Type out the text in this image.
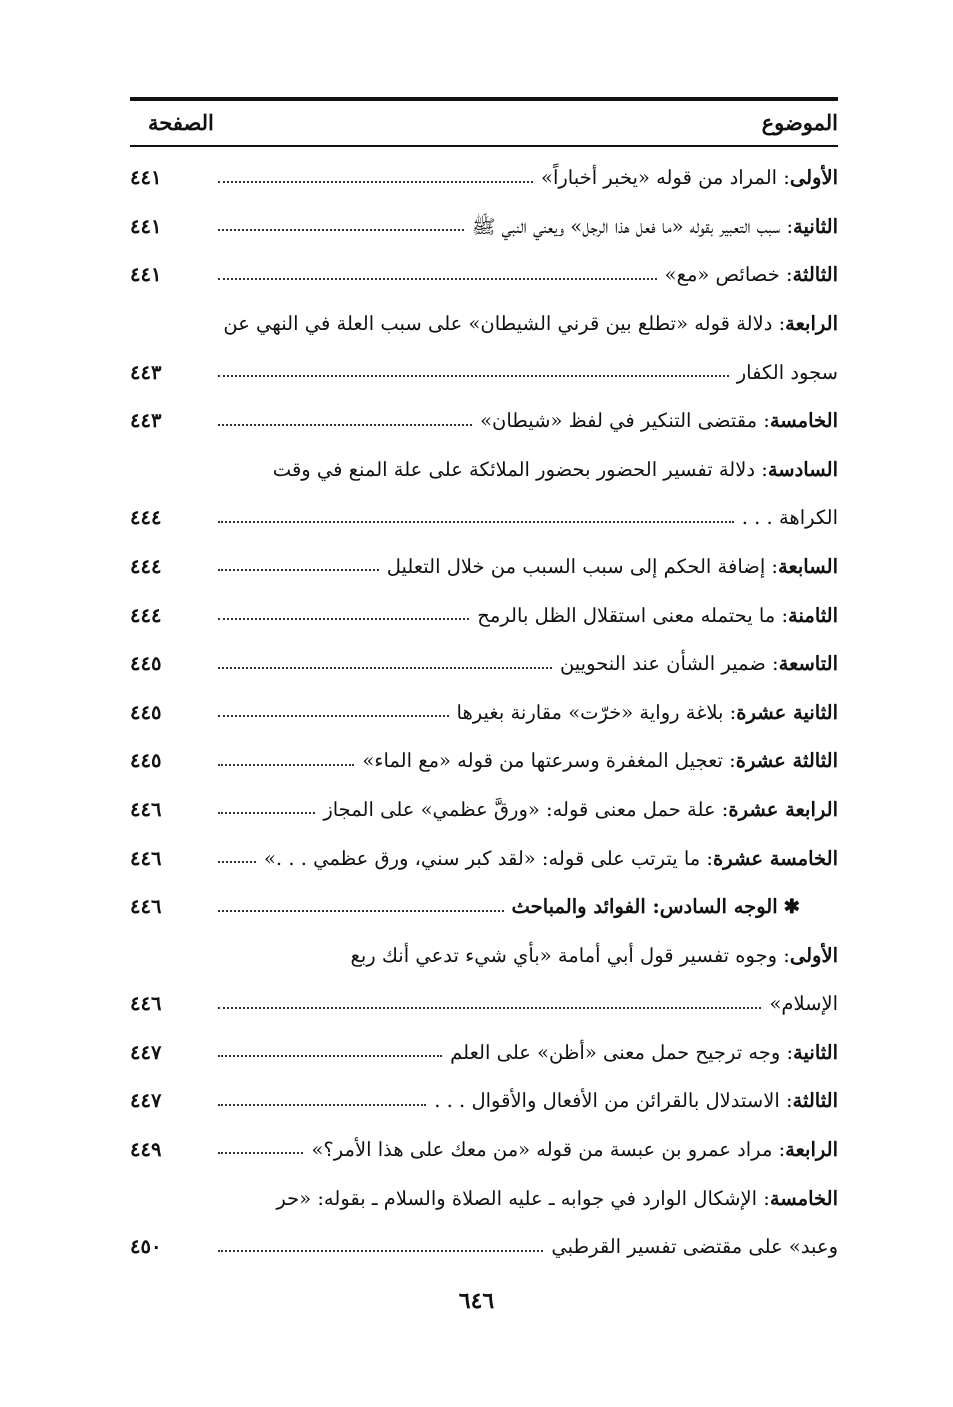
الموضوع
الصفحة
الأولى: المراد من قوله «يخبر أخباراً»
٤٤١
الثانية: سبب التعبير بقوله «ما فعل هذا الرجل» ويعني النبي ﷺ
٤٤١
الثالثة: خصائص «مع»
٤٤١
الرابعة: دلالة قوله «تطلع بين قرني الشيطان» على سبب العلة في النهي عن
سجود الكفار
٤٤٣
الخامسة: مقتضى التنكير في لفظ «شيطان»
٤٤٣
السادسة: دلالة تفسير الحضور بحضور الملائكة على علة المنع في وقت
الكراهة . . .
٤٤٤
السابعة: إضافة الحكم إلى سبب السبب من خلال التعليل
٤٤٤
الثامنة: ما يحتمله معنى استقلال الظل بالرمح
٤٤٤
التاسعة: ضمير الشأن عند النحويين
٤٤٥
الثانية عشرة: بلاغة رواية «خرّت» مقارنة بغيرها
٤٤٥
الثالثة عشرة: تعجيل المغفرة وسرعتها من قوله «مع الماء»
٤٤٥
الرابعة عشرة: علة حمل معنى قوله: «ورقَّ عظمي» على المجاز
٤٤٦
الخامسة عشرة: ما يترتب على قوله: «لقد كبر سني، ورق عظمي . . .»
٤٤٦
✱الوجه السادس: الفوائد والمباحث
٤٤٦
الأولى: وجوه تفسير قول أبي أمامة «بأي شيء تدعي أنك ربع
الإسلام»
٤٤٦
الثانية: وجه ترجيح حمل معنى «أظن» على العلم
٤٤٧
الثالثة: الاستدلال بالقرائن من الأفعال والأقوال . . .
٤٤٧
الرابعة: مراد عمرو بن عبسة من قوله «من معك على هذا الأمر؟»
٤٤٩
الخامسة: الإشكال الوارد في جوابه ـ عليه الصلاة والسلام ـ بقوله: «حر
وعبد» على مقتضى تفسير القرطبي
٤٥٠
٦٤٦
